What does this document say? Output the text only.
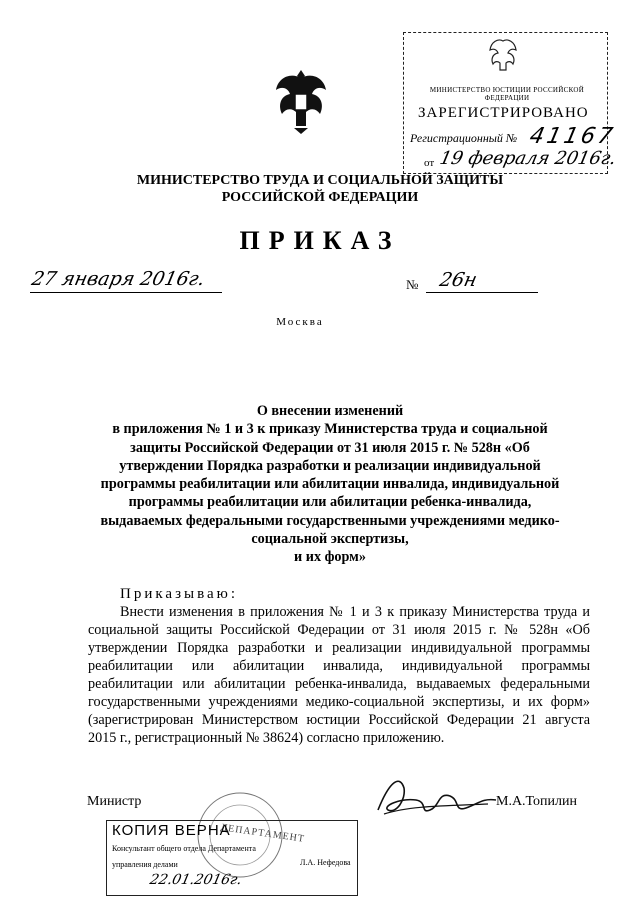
МИНИСТЕРСТВО ЮСТИЦИИ РОССИЙСКОЙ ФЕДЕРАЦИИ
ЗАРЕГИСТРИРОВАНО
Регистрационный № 41167
от 19 февраля 2016г.
МИНИСТЕРСТВО ТРУДА И СОЦИАЛЬНОЙ ЗАЩИТЫ
РОССИЙСКОЙ ФЕДЕРАЦИИ
ПРИКАЗ
27 января 2016г.	№ 26н
Москва
О внесении изменений
в приложения № 1 и 3 к приказу Министерства труда и социальной
защиты Российской Федерации от 31 июля 2015 г. № 528н «Об
утверждении Порядка разработки и реализации индивидуальной
программы реабилитации или абилитации инвалида, индивидуальной
программы реабилитации или абилитации ребенка-инвалида,
выдаваемых федеральными государственными учреждениями медико-
социальной экспертизы,
и их форм»
Приказываю:
Внести изменения в приложения № 1 и 3 к приказу Министерства труда и социальной защиты Российской Федерации от 31 июля 2015 г. № 528н «Об утверждении Порядка разработки и реализации индивидуальной программы реабилитации или абилитации инвалида, индивидуальной программы реабилитации или абилитации ребенка-инвалида, выдаваемых федеральными государственными учреждениями медико-социальной экспертизы, и их форм» (зарегистрирован Министерством юстиции Российской Федерации 21 августа 2015 г., регистрационный № 38624) согласно приложению.
Министр	М.А.Топилин
ДЕПАРТАМЕНТ
КОПИЯ ВЕРНА
Консультант общего отдела Департамента
управления делами	Л.А. Нефедова
22.01.2016г.
